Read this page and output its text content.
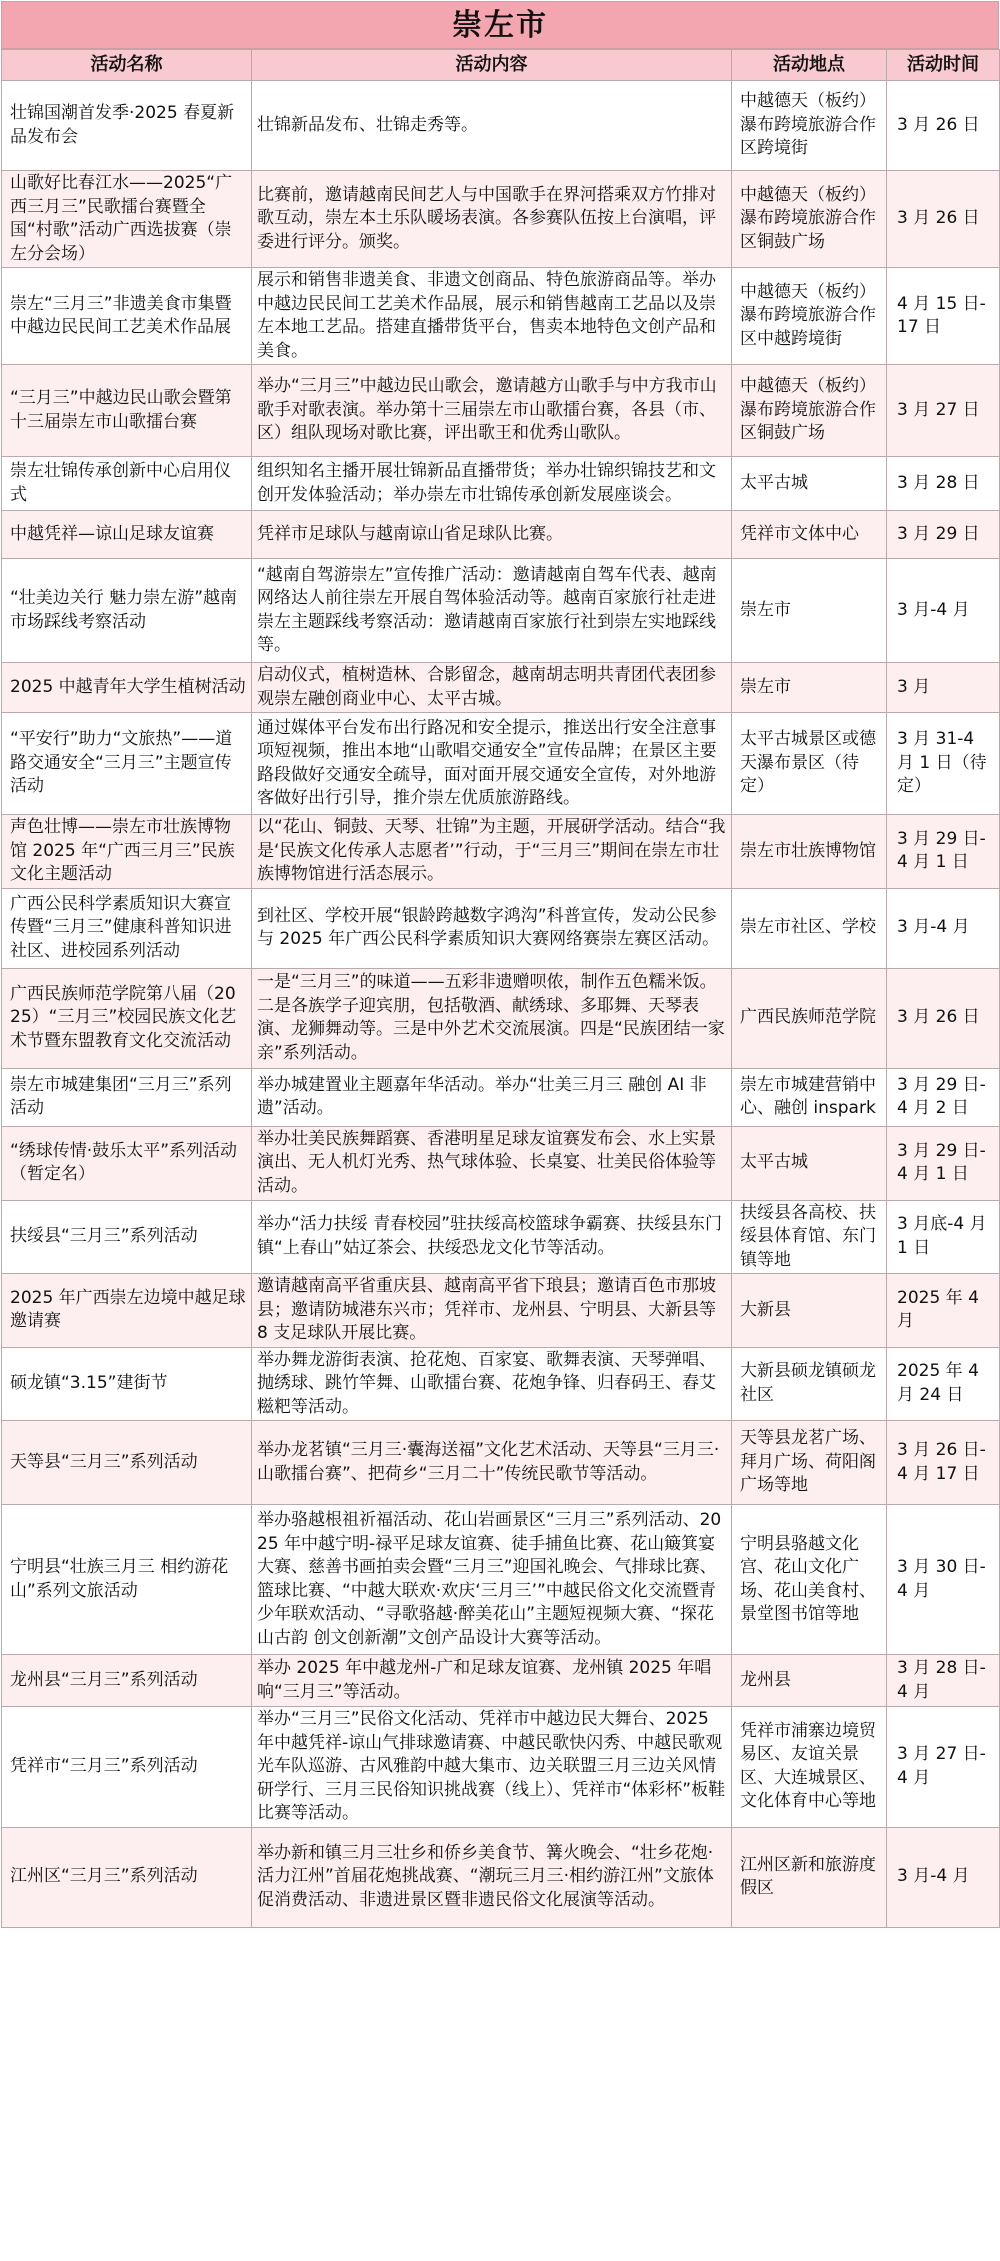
崇左市
活动名称	活动内容	活动地点	活动时间
壮锦国潮首发季·2025 春夏新品发布会	壮锦新品发布、壮锦走秀等。	中越德天（板约）瀑布跨境旅游合作区跨境街	3 月 26 日
山歌好比春江水——2025“广西三月三”民歌擂台赛暨全国“村歌”活动广西选拔赛（崇左分会场）	比赛前，邀请越南民间艺人与中国歌手在界河搭乘双方竹排对歌互动，崇左本土乐队暖场表演。各参赛队伍按上台演唱，评委进行评分。颁奖。	中越德天（板约）瀑布跨境旅游合作区铜鼓广场	3 月 26 日
崇左“三月三”非遗美食市集暨中越边民民间工艺美术作品展	展示和销售非遗美食、非遗文创商品、特色旅游商品等。举办中越边民民间工艺美术作品展，展示和销售越南工艺品以及崇左本地工艺品。搭建直播带货平台，售卖本地特色文创产品和美食。	中越德天（板约）瀑布跨境旅游合作区中越跨境街	4 月 15 日-17 日
“三月三”中越边民山歌会暨第十三届崇左市山歌擂台赛	举办“三月三”中越边民山歌会，邀请越方山歌手与中方我市山歌手对歌表演。举办第十三届崇左市山歌擂台赛，各县（市、区）组队现场对歌比赛，评出歌王和优秀山歌队。	中越德天（板约）瀑布跨境旅游合作区铜鼓广场	3 月 27 日
崇左壮锦传承创新中心启用仪式	组织知名主播开展壮锦新品直播带货；举办壮锦织锦技艺和文创开发体验活动；举办崇左市壮锦传承创新发展座谈会。	太平古城	3 月 28 日
中越凭祥—谅山足球友谊赛	凭祥市足球队与越南谅山省足球队比赛。	凭祥市文体中心	3 月 29 日
“壮美边关行 魅力崇左游”越南市场踩线考察活动	“越南自驾游崇左”宣传推广活动：邀请越南自驾车代表、越南网络达人前往崇左开展自驾体验活动等。越南百家旅行社走进崇左主题踩线考察活动：邀请越南百家旅行社到崇左实地踩线等。	崇左市	3 月-4 月
2025 中越青年大学生植树活动	启动仪式，植树造林、合影留念，越南胡志明共青团代表团参观崇左融创商业中心、太平古城。	崇左市	3 月
“平安行”助力“文旅热”——道路交通安全“三月三”主题宣传活动	通过媒体平台发布出行路况和安全提示，推送出行安全注意事项短视频，推出本地“山歌唱交通安全”宣传品牌；在景区主要路段做好交通安全疏导，面对面开展交通安全宣传，对外地游客做好出行引导，推介崇左优质旅游路线。	太平古城景区或德天瀑布景区（待定）	3 月 31-4 月 1 日（待定）
声色壮博——崇左市壮族博物馆 2025 年“广西三月三”民族文化主题活动	以“花山、铜鼓、天琴、壮锦”为主题，开展研学活动。结合“我是‘民族文化传承人志愿者’”行动，于“三月三”期间在崇左市壮族博物馆进行活态展示。	崇左市壮族博物馆	3 月 29 日-4 月 1 日
广西公民科学素质知识大赛宣传暨“三月三”健康科普知识进社区、进校园系列活动	到社区、学校开展“银龄跨越数字鸿沟”科普宣传，发动公民参与 2025 年广西公民科学素质知识大赛网络赛崇左赛区活动。	崇左市社区、学校	3 月-4 月
广西民族师范学院第八届（2025）“三月三”校园民族文化艺术节暨东盟教育文化交流活动	一是“三月三”的味道——五彩非遗赠呗侬，制作五色糯米饭。二是各族学子迎宾朋，包括敬酒、献绣球、多耶舞、天琴表演、龙狮舞动等。三是中外艺术交流展演。四是“民族团结一家亲”系列活动。	广西民族师范学院	3 月 26 日
崇左市城建集团“三月三”系列活动	举办城建置业主题嘉年华活动。举办“壮美三月三 融创 AI 非遗”活动。	崇左市城建营销中心、融创 inspark	3 月 29 日-4 月 2 日
“绣球传情·鼓乐太平”系列活动（暂定名）	举办壮美民族舞蹈赛、香港明星足球友谊赛发布会、水上实景演出、无人机灯光秀、热气球体验、长桌宴、壮美民俗体验等活动。	太平古城	3 月 29 日-4 月 1 日
扶绥县“三月三”系列活动	举办“活力扶绥 青春校园”驻扶绥高校篮球争霸赛、扶绥县东门镇“上春山”姑辽茶会、扶绥恐龙文化节等活动。	扶绥县各高校、扶绥县体育馆、东门镇等地	3 月底-4 月 1 日
2025 年广西崇左边境中越足球邀请赛	邀请越南高平省重庆县、越南高平省下琅县；邀请百色市那坡县；邀请防城港东兴市；凭祥市、龙州县、宁明县、大新县等 8 支足球队开展比赛。	大新县	2025 年 4 月
硕龙镇“3.15”建街节	举办舞龙游街表演、抢花炮、百家宴、歌舞表演、天琴弹唱、抛绣球、跳竹竿舞、山歌擂台赛、花炮争锋、归春码王、舂艾糍粑等活动。	大新县硕龙镇硕龙社区	2025 年 4 月 24 日
天等县“三月三”系列活动	举办龙茗镇“三月三·囊海送福”文化艺术活动、天等县“三月三·山歌擂台赛”、把荷乡“三月二十”传统民歌节等活动。	天等县龙茗广场、拜月广场、荷阳阁广场等地	3 月 26 日-4 月 17 日
宁明县“壮族三月三 相约游花山”系列文旅活动	举办骆越根祖祈福活动、花山岩画景区“三月三”系列活动、2025 年中越宁明-禄平足球友谊赛、徒手捕鱼比赛、花山簸箕宴大赛、慈善书画拍卖会暨“三月三”迎国礼晚会、气排球比赛、篮球比赛、“中越大联欢·欢庆‘三月三’”中越民俗文化交流暨青少年联欢活动、“寻歌骆越·醉美花山”主题短视频大赛、“探花山古韵 创文创新潮”文创产品设计大赛等活动。	宁明县骆越文化宫、花山文化广场、花山美食村、景堂图书馆等地	3 月 30 日-4 月
龙州县“三月三”系列活动	举办 2025 年中越龙州-广和足球友谊赛、龙州镇 2025 年唱响“三月三”等活动。	龙州县	3 月 28 日-4 月
凭祥市“三月三”系列活动	举办“三月三”民俗文化活动、凭祥市中越边民大舞台、2025 年中越凭祥-谅山气排球邀请赛、中越民歌快闪秀、中越民歌观光车队巡游、古风雅韵中越大集市、边关联盟三月三边关风情研学行、三月三民俗知识挑战赛（线上）、凭祥市“体彩杯”板鞋比赛等活动。	凭祥市浦寨边境贸易区、友谊关景区、大连城景区、文化体育中心等地	3 月 27 日-4 月
江州区“三月三”系列活动	举办新和镇三月三壮乡和侨乡美食节、篝火晚会、“壮乡花炮·活力江州”首届花炮挑战赛、“潮玩三月三·相约游江州”文旅体促消费活动、非遗进景区暨非遗民俗文化展演等活动。	江州区新和旅游度假区	3 月-4 月
